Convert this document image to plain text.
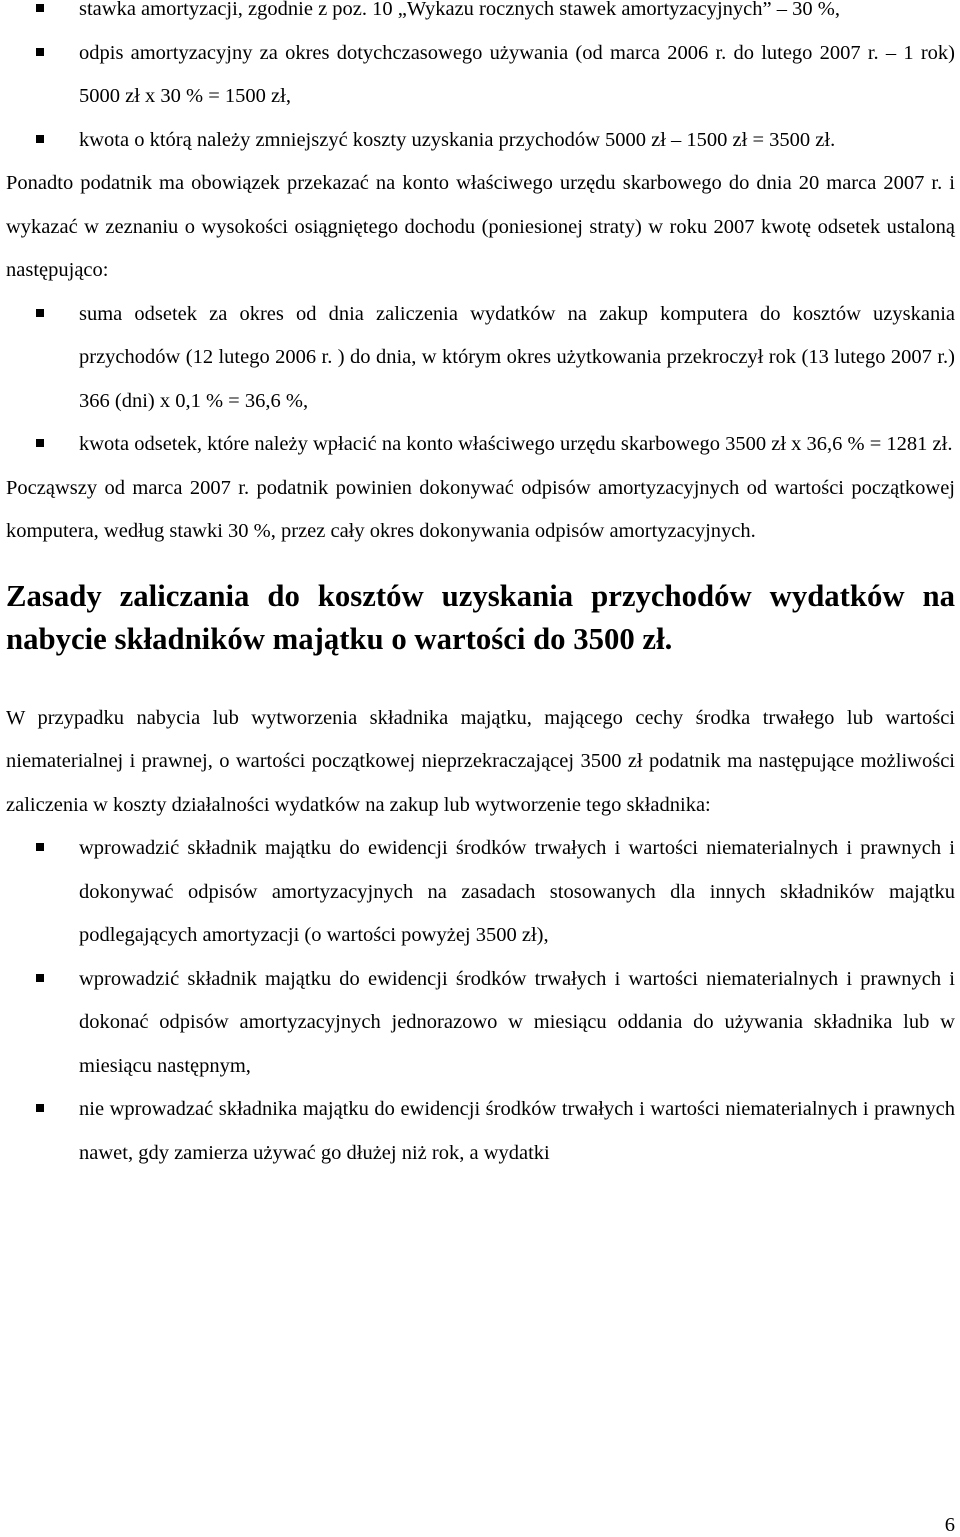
stawka amortyzacji, zgodnie z poz. 10 „Wykazu rocznych stawek amortyzacyjnych” – 30 %,
odpis amortyzacyjny za okres dotychczasowego używania (od marca 2006 r. do lutego 2007 r. – 1 rok) 5000 zł x 30 % = 1500 zł,
kwota o którą należy zmniejszyć koszty uzyskania przychodów 5000 zł – 1500 zł = 3500 zł.

Ponadto podatnik ma obowiązek przekazać na konto właściwego urzędu skarbowego do dnia 20 marca 2007 r. i wykazać w zeznaniu o wysokości osiągniętego dochodu (poniesionej straty) w roku 2007 kwotę odsetek ustaloną następująco:

suma odsetek za okres od dnia zaliczenia wydatków na zakup komputera do kosztów uzyskania przychodów (12 lutego 2006 r. ) do dnia, w którym okres użytkowania przekroczył rok (13 lutego 2007 r.) 366 (dni) x 0,1 % = 36,6 %,
kwota odsetek, które należy wpłacić na konto właściwego urzędu skarbowego 3500 zł x 36,6 % = 1281 zł.

Począwszy od marca 2007 r. podatnik powinien dokonywać odpisów amortyzacyjnych od wartości początkowej komputera, według stawki 30 %, przez cały okres dokonywania odpisów amortyzacyjnych.

Zasady zaliczania do kosztów uzyskania przychodów wydatków na nabycie składników majątku o wartości do 3500 zł.

W przypadku nabycia lub wytworzenia składnika majątku, mającego cechy środka trwałego lub wartości niematerialnej i prawnej, o wartości początkowej nieprzekraczającej 3500 zł podatnik ma następujące możliwości zaliczenia w koszty działalności wydatków na zakup lub wytworzenie tego składnika:

wprowadzić składnik majątku do ewidencji środków trwałych i wartości niematerialnych i prawnych i dokonywać odpisów amortyzacyjnych na zasadach stosowanych dla innych składników majątku podlegających amortyzacji (o wartości powyżej 3500 zł),
wprowadzić składnik majątku do ewidencji środków trwałych i wartości niematerialnych i prawnych i dokonać odpisów amortyzacyjnych jednorazowo w miesiącu oddania do używania składnika lub w miesiącu następnym,
nie wprowadzać składnika majątku do ewidencji środków trwałych i wartości niematerialnych i prawnych nawet, gdy zamierza używać go dłużej niż rok, a wydatki
6
